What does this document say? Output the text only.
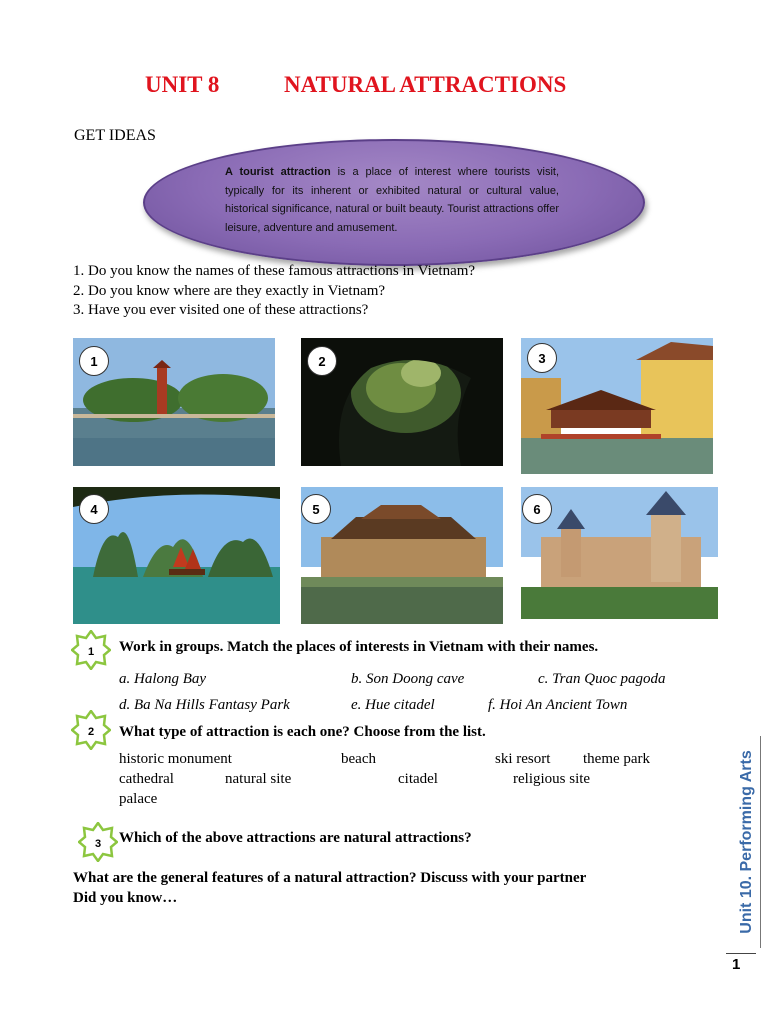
UNIT 8	NATURAL ATTRACTIONS
GET IDEAS
A tourist attraction is a place of interest where tourists visit, typically for its inherent or exhibited natural or cultural value, historical significance, natural or built beauty. Tourist attractions offer leisure, adventure and amusement.
1. Do you know the names of these famous attractions in Vietnam?
2. Do you know where are they exactly in Vietnam?
3. Have you ever visited one of these attractions?
1	2	3
4	5	6
1	Work in groups. Match the places of interests in Vietnam with their names.
a. Halong Bay	b. Son Doong cave	c. Tran Quoc pagoda
d. Ba Na Hills Fantasy Park	e. Hue citadel	f. Hoi An Ancient Town
2	What type of attraction is each one? Choose from the list.
historic monument	beach	ski resort theme park
cathedral	natural site	citadel	religious site
palace
3	Which of the above attractions are natural attractions?
What are the general features of a natural attraction? Discuss with your partner
Did you know…	Unit 10. Performing Arts
1
